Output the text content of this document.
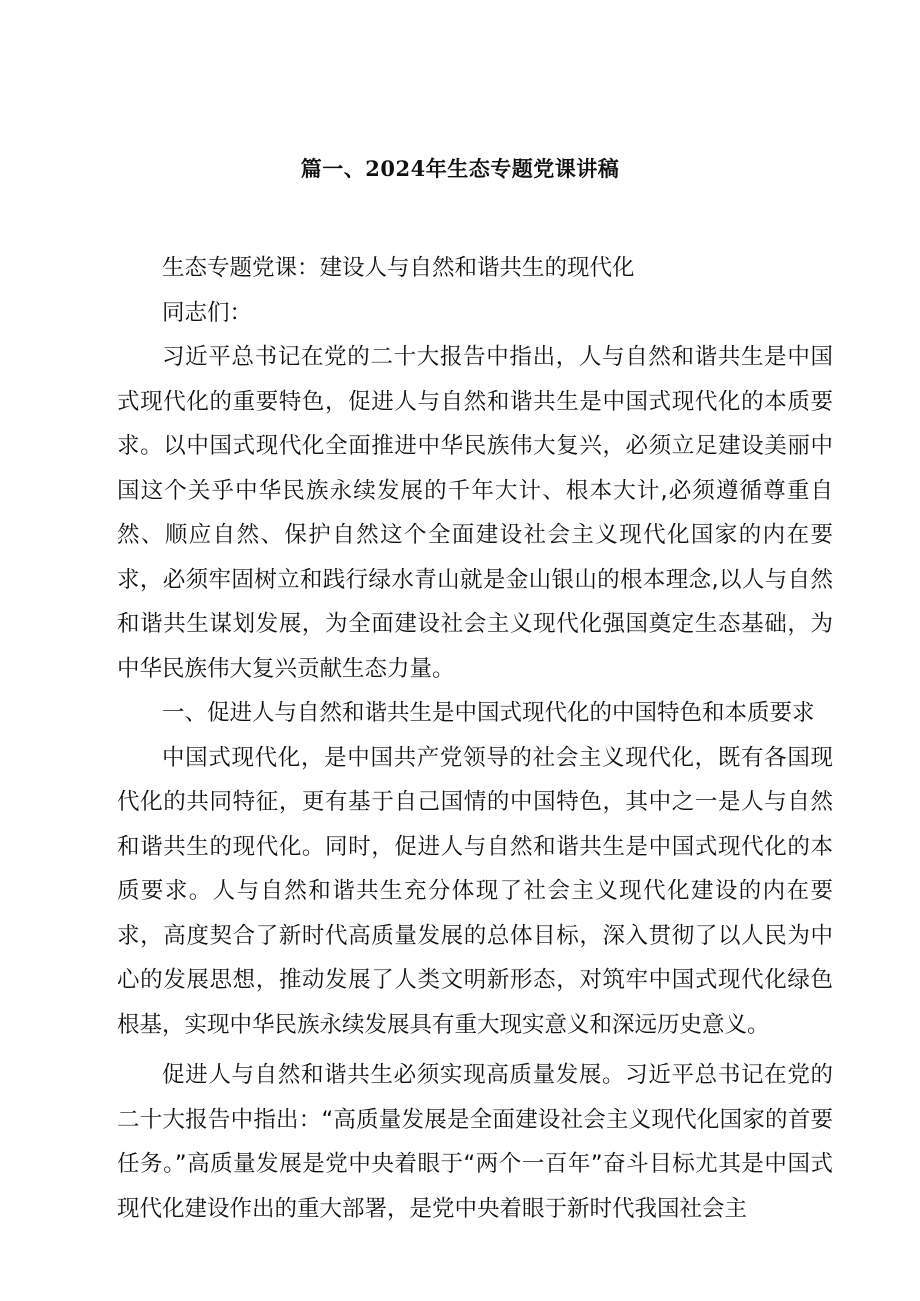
篇一、2024年生态专题党课讲稿

生态专题党课：建设人与自然和谐共生的现代化

同志们：

习近平总书记在党的二十大报告中指出，人与自然和谐共生是中国式现代化的重要特色，促进人与自然和谐共生是中国式现代化的本质要求。以中国式现代化全面推进中华民族伟大复兴，必须立足建设美丽中国这个关乎中华民族永续发展的千年大计、根本大计,必须遵循尊重自然、顺应自然、保护自然这个全面建设社会主义现代化国家的内在要求，必须牢固树立和践行绿水青山就是金山银山的根本理念,以人与自然和谐共生谋划发展，为全面建设社会主义现代化强国奠定生态基础，为中华民族伟大复兴贡献生态力量。

一、促进人与自然和谐共生是中国式现代化的中国特色和本质要求

中国式现代化，是中国共产党领导的社会主义现代化，既有各国现代化的共同特征，更有基于自己国情的中国特色，其中之一是人与自然和谐共生的现代化。同时，促进人与自然和谐共生是中国式现代化的本质要求。人与自然和谐共生充分体现了社会主义现代化建设的内在要求，高度契合了新时代高质量发展的总体目标，深入贯彻了以人民为中心的发展思想，推动发展了人类文明新形态，对筑牢中国式现代化绿色根基，实现中华民族永续发展具有重大现实意义和深远历史意义。

促进人与自然和谐共生必须实现高质量发展。习近平总书记在党的二十大报告中指出：“高质量发展是全面建设社会主义现代化国家的首要任务。”高质量发展是党中央着眼于“两个一百年”奋斗目标尤其是中国式现代化建设作出的重大部署，是党中央着眼于新时代我国社会主
